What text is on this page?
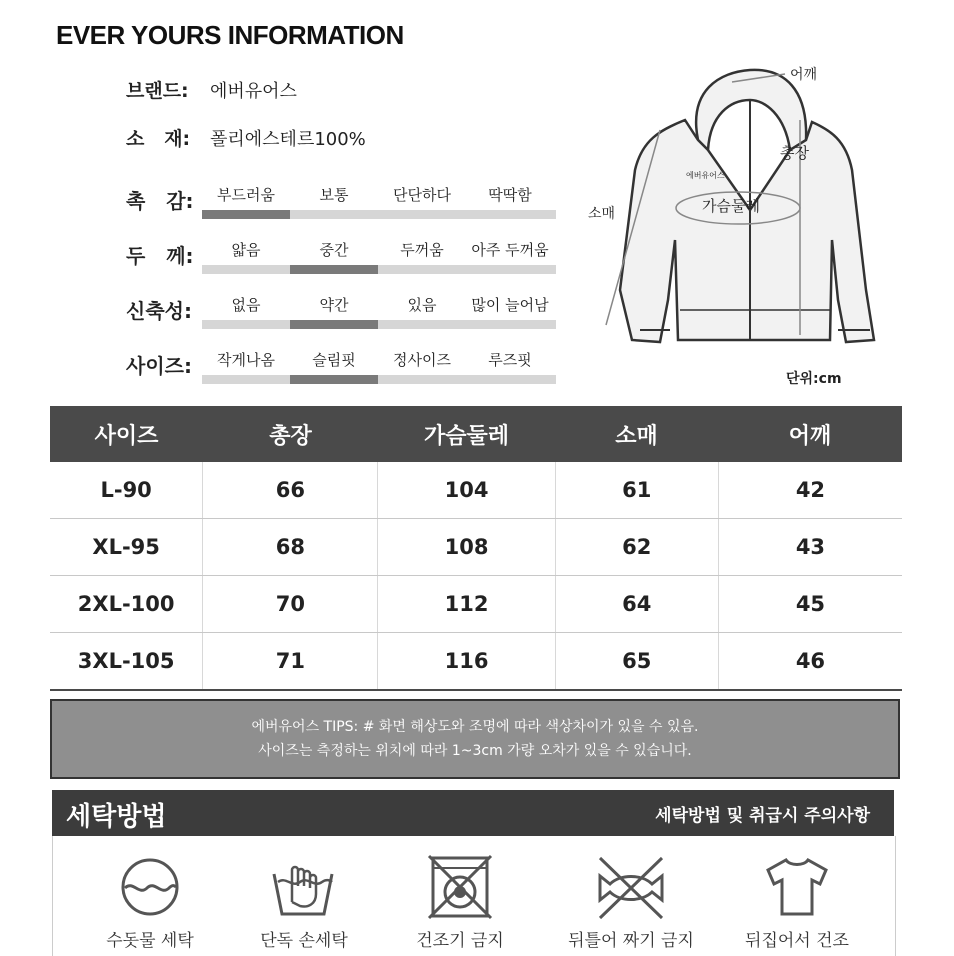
EVER YOURS INFORMATION
브랜드: 에버유어스
소   재: 폴리에스테르100%
촉   감:	부드러움	보통	단단하다	딱딱함
두   께:	얇음	중간	두꺼움	아주 두꺼움
신축성:	없음	약간	있음	많이 늘어남
사이즈:	작게나옴	슬림핏	정사이즈	루즈핏
어깨
총장
소매	가슴둘레
에버유어스
단위:cm
사이즈	총장	가슴둘레	소매	어깨
L-90	66	104	61	42
XL-95	68	108	62	43
2XL-100	70	112	64	45
3XL-105	71	116	65	46
에버유어스 TIPS: # 화면 해상도와 조명에 따라 색상차이가 있을 수 있음.
사이즈는 측정하는 위치에 따라 1~3cm 가량 오차가 있을 수 있습니다.
세탁방법	세탁방법 및 취급시 주의사항
수돗물 세탁	단독 손세탁	건조기 금지	뒤틀어 짜기 금지	뒤집어서 건조
